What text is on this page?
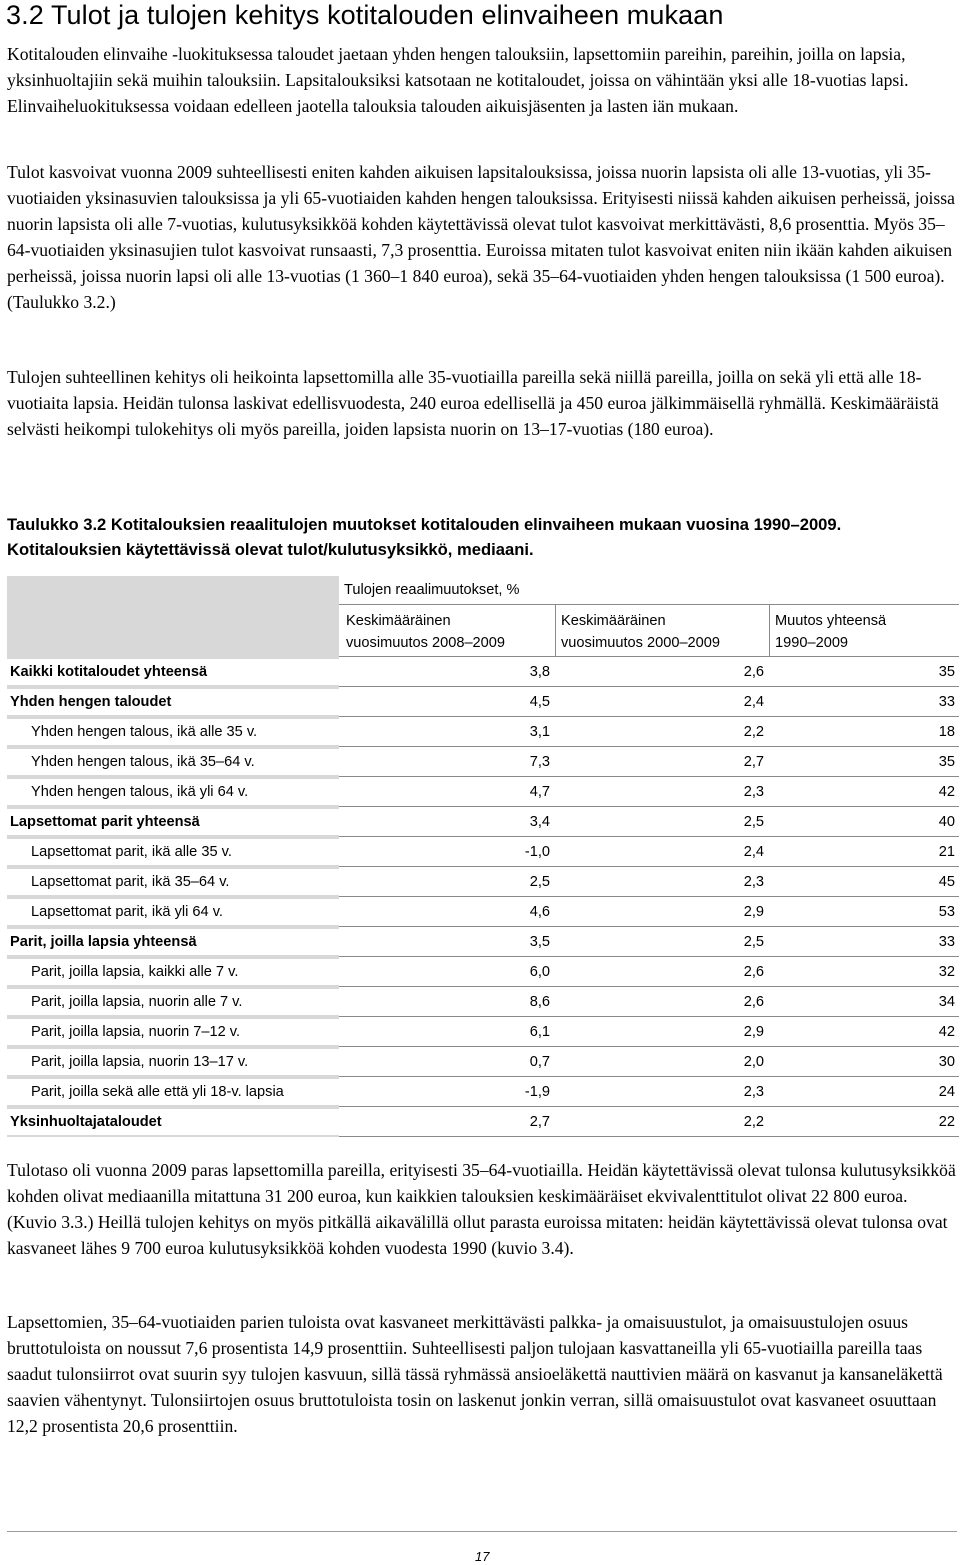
3.2 Tulot ja tulojen kehitys kotitalouden elinvaiheen mukaan

Kotitalouden elinvaihe -luokituksessa taloudet jaetaan yhden hengen talouksiin, lapsettomiin pareihin, pareihin, joilla on lapsia, yksinhuoltajiin sekä muihin talouksiin. Lapsitalouksiksi katsotaan ne kotitaloudet, joissa on vähintään yksi alle 18-vuotias lapsi. Elinvaiheluokituksessa voidaan edelleen jaotella talouksia talouden aikuisjäsenten ja lasten iän mukaan.

Tulot kasvoivat vuonna 2009 suhteellisesti eniten kahden aikuisen lapsitalouksissa, joissa nuorin lapsista oli alle 13-vuotias, yli 35-vuotiaiden yksinasuvien talouksissa ja yli 65-vuotiaiden kahden hengen talouksissa. Erityisesti niissä kahden aikuisen perheissä, joissa nuorin lapsista oli alle 7-vuotias, kulutusyksikköä kohden käytettävissä olevat tulot kasvoivat merkittävästi, 8,6 prosenttia. Myös 35–64-vuotiaiden yksinasujien tulot kasvoivat runsaasti, 7,3 prosenttia. Euroissa mitaten tulot kasvoivat eniten niin ikään kahden aikuisen perheissä, joissa nuorin lapsi oli alle 13-vuotias (1 360–1 840 euroa), sekä 35–64-vuotiaiden yhden hengen talouksissa (1 500 euroa). (Taulukko 3.2.)

Tulojen suhteellinen kehitys oli heikointa lapsettomilla alle 35-vuotiailla pareilla sekä niillä pareilla, joilla on sekä yli että alle 18-vuotiaita lapsia. Heidän tulonsa laskivat edellisvuodesta, 240 euroa edellisellä ja 450 euroa jälkimmäisellä ryhmällä. Keskimääräistä selvästi heikompi tulokehitys oli myös pareilla, joiden lapsista nuorin on 13–17-vuotias (180 euroa).

Taulukko 3.2 Kotitalouksien reaalitulojen muutokset kotitalouden elinvaiheen mukaan vuosina 1990–2009. Kotitalouksien käytettävissä olevat tulot/kulutusyksikkö, mediaani.

Tulojen reaalimuutokset, %
Keskimääräinen
vuosimuutos 2008–2009
Keskimääräinen
vuosimuutos 2000–2009
Muutos yhteensä
1990–2009
Kaikki kotitaloudet yhteensä	3,8	2,6	35
Yhden hengen taloudet	4,5	2,4	33
Yhden hengen talous, ikä alle 35 v.	3,1	2,2	18
Yhden hengen talous, ikä 35–64 v.	7,3	2,7	35
Yhden hengen talous, ikä yli 64 v.	4,7	2,3	42
Lapsettomat parit yhteensä	3,4	2,5	40
Lapsettomat parit, ikä alle 35 v.	-1,0	2,4	21
Lapsettomat parit, ikä 35–64 v.	2,5	2,3	45
Lapsettomat parit, ikä yli 64 v.	4,6	2,9	53
Parit, joilla lapsia yhteensä	3,5	2,5	33
Parit, joilla lapsia, kaikki alle 7 v.	6,0	2,6	32
Parit, joilla lapsia, nuorin alle 7 v.	8,6	2,6	34
Parit, joilla lapsia, nuorin 7–12 v.	6,1	2,9	42
Parit, joilla lapsia, nuorin 13–17 v.	0,7	2,0	30
Parit, joilla sekä alle että yli 18-v. lapsia	-1,9	2,3	24
Yksinhuoltajataloudet	2,7	2,2	22

Tulotaso oli vuonna 2009 paras lapsettomilla pareilla, erityisesti 35–64-vuotiailla. Heidän käytettävissä olevat tulonsa kulutusyksikköä kohden olivat mediaanilla mitattuna 31 200 euroa, kun kaikkien talouksien keskimääräiset ekvivalenttitulot olivat 22 800 euroa. (Kuvio 3.3.) Heillä tulojen kehitys on myös pitkällä aikavälillä ollut parasta euroissa mitaten: heidän käytettävissä olevat tulonsa ovat kasvaneet lähes 9 700 euroa kulutusyksikköä kohden vuodesta 1990 (kuvio 3.4).

Lapsettomien, 35–64-vuotiaiden parien tuloista ovat kasvaneet merkittävästi palkka- ja omaisuustulot, ja omaisuustulojen osuus bruttotuloista on noussut 7,6 prosentista 14,9 prosenttiin. Suhteellisesti paljon tulojaan kasvattaneilla yli 65-vuotiailla pareilla taas saadut tulonsiirrot ovat suurin syy tulojen kasvuun, sillä tässä ryhmässä ansioeläkettä nauttivien määrä on kasvanut ja kansaneläkettä saavien vähentynyt. Tulonsiirtojen osuus bruttotuloista tosin on laskenut jonkin verran, sillä omaisuustulot ovat kasvaneet osuuttaan 12,2 prosentista 20,6 prosenttiin.

17
